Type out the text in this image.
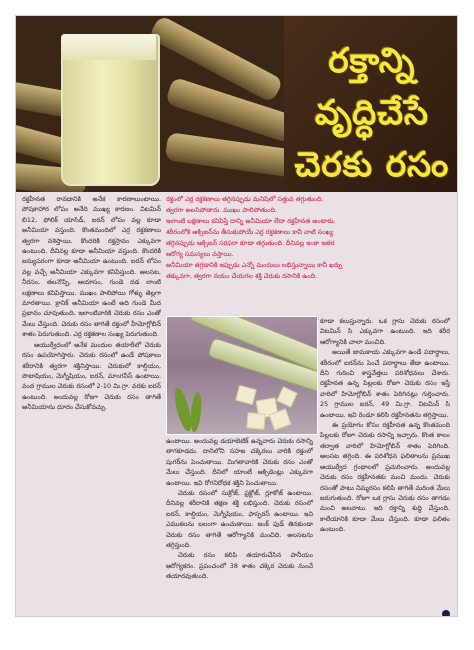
రక్తాన్ని
వృద్ధిచేసే
చెరకు రసం

రక్తహీనత రావడానికి అనేక కారణాలుంటాయి. పోషకాహార లోపం అనేది ముఖ్య కారణం. విటమిన్ బి12, ఫోలిక్ యాసిడ్, ఐరన్ లోపం వల్ల కూడా అనీమియా వస్తుంది. కొంతమందిలో ఎర్ర రక్తకణాలు త్వరగా నశిస్తాయి. కొందరికి రక్తస్రావం ఎక్కువగా ఉంటుంది. దీనివల్ల కూడా అనీమియా వస్తుంది. కొందరికి జన్యుపరంగా కూడా అనీమియా ఉంటుంది. ఐరన్ లోపం వల్ల వచ్చే అనీమియా ఎక్కువగా కనిపిస్తుంది. అలసట, నీరసం, తలనొప్పి, ఆయాసం, గుండె దడ లాంటి లక్షణాలు కనిపిస్తాయి. ముఖం పాలిపోయి గోళ్ళు తెల్లగా మారతాయి. క్రానిక్ అనీమియా ఉంటే అది గుండె మీద ప్రభావం చూపుతుంది. ఇలాంటివారికి చెరుకు రసం ఎంతో మేలు చేస్తుంది. చెరుకు రసం తాగితే రక్తంలో హీమోగ్లోబిన్ శాతం పెరుగుతుంది. ఎర్ర రక్తకణాల సంఖ్య పెరుగుతుంది.

ఆయుర్వేదంలో అనేక మందుల తయారీలో చెరుకు రసం ఉపయోగిస్తారు. చెరుకు రసంలో ఉండే పోషకాలు శరీరానికి త్వరగా శక్తినిస్తాయి. చెరుకులో కాల్షియం, పొటాషియం, మెగ్నీషియం, ఐరన్, మాంగనీస్ ఉంటాయి. వంద గ్రాముల చెరుకు రసంలో 2-10 మి.గ్రా. వరకు ఐరన్ ఉంటుంది. అందువల్ల రోజూ చెరుకు రసం తాగితే అనీమియాను దూరం చేసుకోవచ్చు.

రక్తంలో ఎర్ర రక్తకణాలు తగ్గినప్పుడు మనిషిలో సత్తువ తగ్గుతుంది.

త్వరగా అలసిపోతారు. ముఖం పాలిపోతుంది.

ఇలాంటి లక్షణాలు కనిపిస్తే దాన్ని అనీమియా లేదా రక్తహీనత అంటారు.

శరీరంలోకి ఆక్సిజన్‌ను తీసుకుపోయే ఎర్ర రక్తకణాలు కానీ వాటి సంఖ్య

తగ్గినప్పుడు ఆక్సిజన్ సరఫరా కూడా తగ్గుతుంది. దీనివల్ల ఇంకా ఇతర

ఆరోగ్య సమస్యలు వస్తాయి.

అనీమియా తగ్గడానికి ఇప్పుడు ఎన్నో మందులు లభిస్తున్నాయి కానీ ఖర్చు

తక్కువగా, త్వరగా నయం చేయగల శక్తి చెరుకు రసానికి ఉంది.

ఉంటాయి. అందువల్ల డయాబెటిక్ ఉన్నవారు చెరుకు రసాన్ని తాగకూడదు. దానిలోని సహజ చక్కెరలు వారికి రక్తంలో షుగర్‌ను పెంచుతాయి. మిగతావారికి చెరుకు రసం ఎంతో మేలు చేస్తుంది. దీనిలో యాంటీ ఆక్సిడెంట్లు ఎక్కువగా ఉంటాయి. ఇవి రోగనిరోధక శక్తిని పెంచుతాయి.

చెరుకు రసంలో సుక్రోజ్, ఫ్రక్టోజ్, గ్లూకోజ్ ఉంటాయి. దీనివల్ల శరీరానికి తక్షణ శక్తి లభిస్తుంది. చెరుకు రసంలో ఐరన్, కాల్షియం, మెగ్నీషియం, ఫాస్ఫరస్ ఉంటాయి. ఇవి ఎముకలను బలంగా ఉంచుతాయి. జంక్ ఫుడ్ తినకుండా చెరుకు రసం తాగితే ఆరోగ్యానికి మంచిది. అలసటను తగ్గిస్తుంది.

చెరుకు రసం కలిపి తయారుచేసిన పానీయం ఆరోగ్యకరం. ప్రపంచంలో 38 శాతం చక్కెర చెరుకు నుంచే తయారవుతుంది.

కూడా కలుస్తున్నారు. ఒక గ్లాసు చెరుకు రసంలో విటమిన్ సి ఎక్కువగా ఉంటుంది. ఇది శరీర ఆరోగ్యానికి చాలా మంచిది.

అయితే జామకాయ ఎక్కువగా ఉండే పదార్థాలు, శరీరంలో ఐరన్‌ను పెంచే పదార్థాలు తేడా ఉంటాయి. దీని గురించి శాస్త్రవేత్తలు పరిశోధనలు చేశారు. రక్తహీనత ఉన్న పిల్లలకు రోజూ చెరుకు రసం ఇస్తే వారిలో హిమోగ్లోబిన్ శాతం పెరిగినట్లు గుర్తించారు. 25 గ్రాముల ఐరన్, 49 మి.గ్రా. విటమిన్ సి ఉంటాయి. ఇవి రెండూ కలిసి రక్తహీనతను తగ్గిస్తాయి.

ఈ ప్రయోగం కోసం రక్తహీనత ఉన్న కొంతమంది పిల్లలకు రోజూ చెరుకు రసాన్ని ఇచ్చారు. కొంత కాలం తర్వాత వారిలో హిమోగ్లోబిన్ శాతం పెరిగింది. అలసట తగ్గింది. ఈ పరిశోధన ఫలితాలను ప్రముఖ ఆయుర్వేద గ్రంథాలలో ప్రచురించారు. అందువల్ల చెరుకు రసం రక్తహీనతకు మంచి మందు. చెరుకు రసంతో పాటు నిమ్మరసం కలిపి తాగితే మరింత మేలు జరుగుతుంది. రోజూ ఒక గ్లాసు చెరుకు రసం తాగడం మంచి అలవాటు. ఇది రక్తాన్ని శుద్ధి చేస్తుంది. కాలేయానికి కూడా మేలు చేస్తుంది. కూడా ఫలితం ఉంటుంది.
